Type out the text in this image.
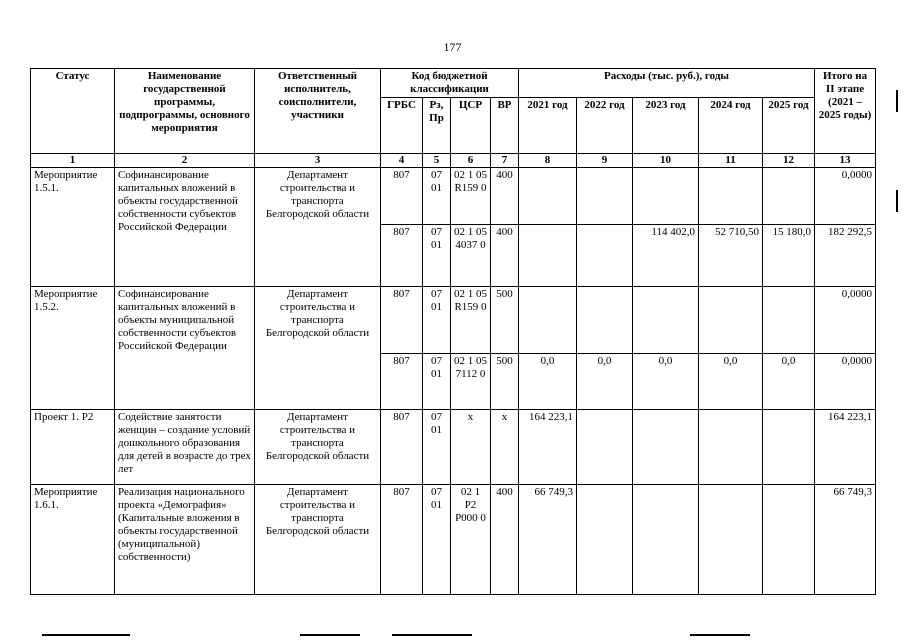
177
Статус	Наименование государственной программы, подпрограммы, основного мероприятия	Ответственный исполнитель, соисполнители, участники	Код бюджетной классификации				Расходы (тыс. руб.), годы					Итого на II этапе (2021 – 2025 годы)
			ГРБС	Рз, Пр	ЦСР	ВР	2021 год	2022 год	2023 год	2024 год	2025 год	
1	2	3	4	5	6	7	8	9	10	11	12	13
Мероприятие 1.5.1.	Софинансирование капитальных вложений в объекты государственной собственности субъектов Российской Федерации	Департамент строительства и транспорта Белгородской области	807	07 01	02 1 05 R159 0	400						0,0000
			807	07 01	02 1 05 4037 0	400			114 402,0	52 710,50	15 180,0	182 292,5
Мероприятие 1.5.2.	Софинансирование капитальных вложений в объекты муниципальной собственности субъектов Российской Федерации	Департамент строительства и транспорта Белгородской области	807	07 01	02 1 05 R159 0	500						0,0000
			807	07 01	02 1 05 7112 0	500	0,0	0,0	0,0	0,0	0,0	0,0000
Проект 1. Р2	Содействие занятости женщин – создание условий дошкольного образования для детей в возрасте до трех лет	Департамент строительства и транспорта Белгородской области	807	07 01	х	х	164 223,1					164 223,1
Мероприятие 1.6.1.	Реализация национального проекта «Демография» (Капитальные вложения в объекты государственной (муниципальной) собственности)	Департамент строительства и транспорта Белгородской области	807	07 01	02 1 P2 P000 0	400	66 749,3					66 749,3
